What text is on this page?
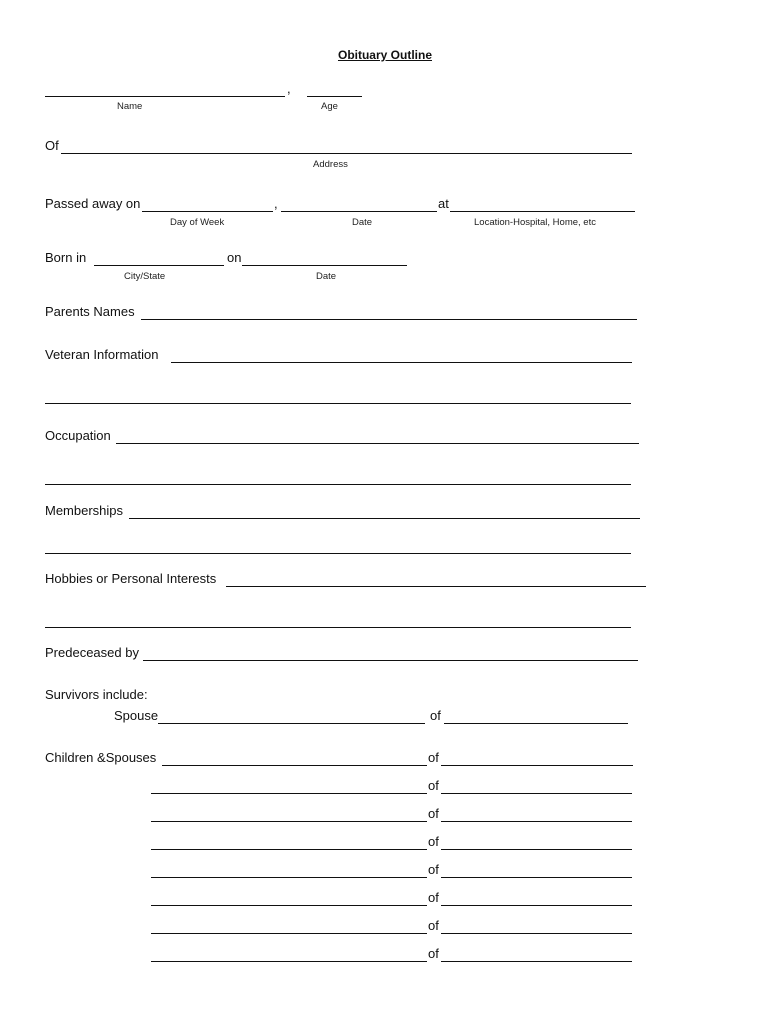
Obituary Outline
,
Name	Age
Of
Address
Passed away on	,	at
Day of Week	Date	Location-Hospital, Home, etc
Born in	on
City/State	Date
Parents Names
Veteran Information
Occupation
Memberships
Hobbies or Personal Interests
Predeceased by
Survivors include:
Spouse	of
Children &Spouses	of
of
of
of
of
of
of
of
